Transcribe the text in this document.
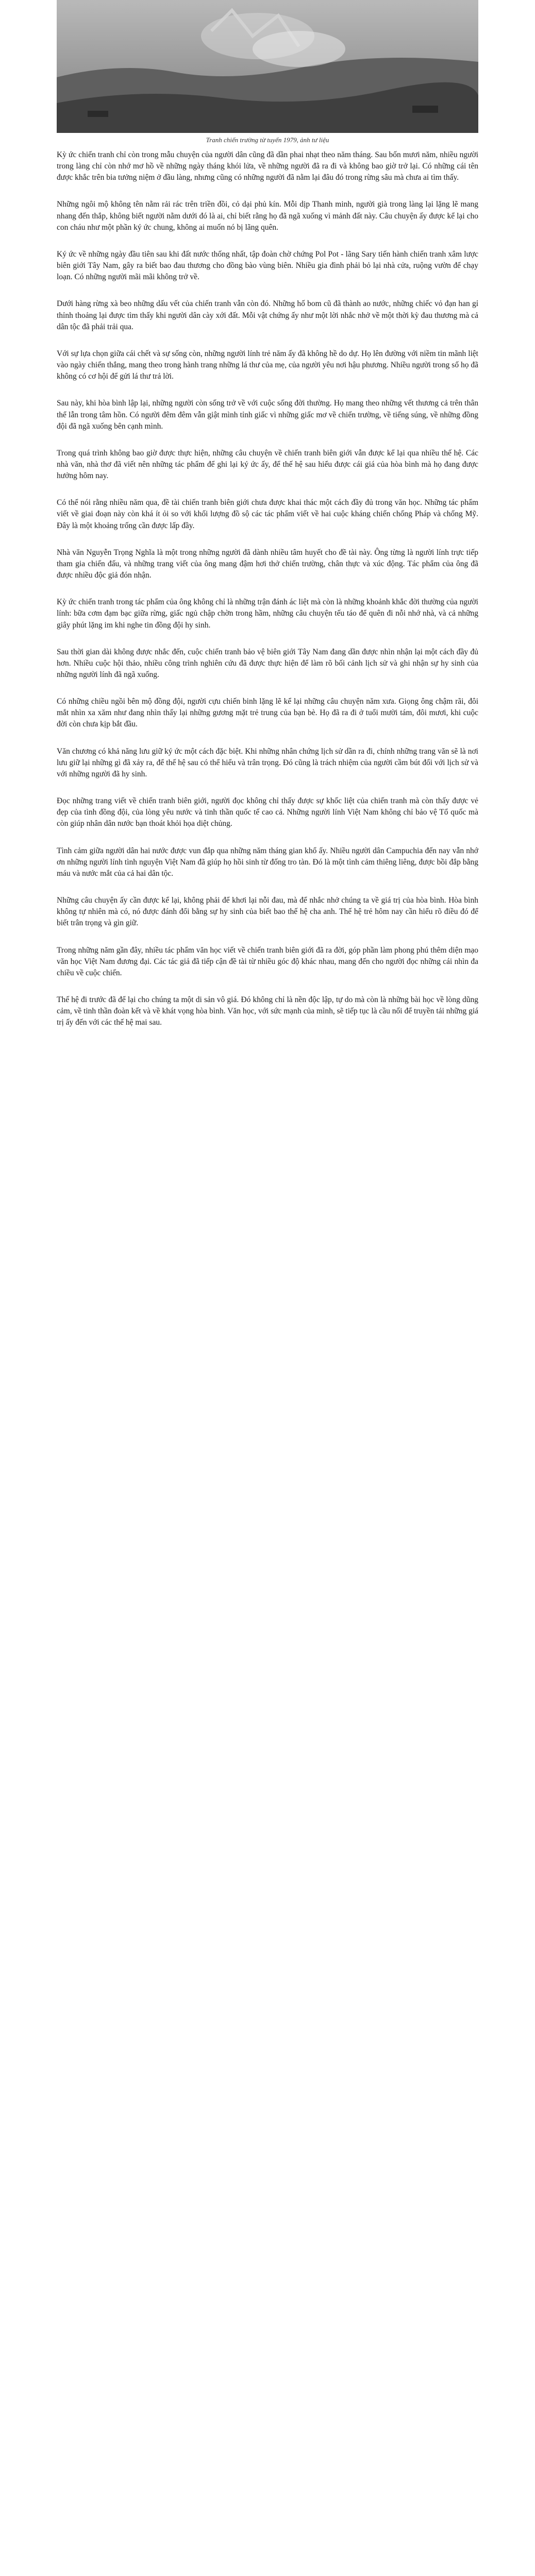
Tranh chiến trường từ tuyến 1979, ảnh tư liệu

Kỳ ức chiến tranh chỉ còn trong mẫu chuyện của người dân cũng đã dần phai nhạt theo năm tháng. Sau bốn mươi năm, nhiều người trong làng chỉ còn nhớ mơ hồ về những ngày tháng khói lửa, về những người đã ra đi và không bao giờ trở lại. Có những cái tên được khắc trên bia tưởng niệm ở đầu làng, nhưng cũng có những người đã nằm lại đâu đó trong rừng sâu mà chưa ai tìm thấy.

Những ngôi mộ không tên nằm rải rác trên triền đồi, cỏ dại phủ kín. Mỗi dịp Thanh minh, người già trong làng lại lặng lẽ mang nhang đến thắp, không biết người nằm dưới đó là ai, chỉ biết rằng họ đã ngã xuống vì mảnh đất này. Câu chuyện ấy được kể lại cho con cháu như một phần ký ức chung, không ai muốn nó bị lãng quên.

Ký ức về những ngày đầu tiên sau khi đất nước thống nhất, tập đoàn chờ chứng Pol Pot - lãng Sary tiến hành chiến tranh xâm lược biên giới Tây Nam, gây ra biết bao đau thương cho đồng bào vùng biên. Nhiều gia đình phải bỏ lại nhà cửa, ruộng vườn để chạy loạn. Có những người mãi mãi không trở về.

Dưới hàng rừng xà beo những dấu vết của chiến tranh vẫn còn đó. Những hố bom cũ đã thành ao nước, những chiếc vỏ đạn han gỉ thỉnh thoảng lại được tìm thấy khi người dân cày xới đất. Mỗi vật chứng ấy như một lời nhắc nhở về một thời kỳ đau thương mà cả dân tộc đã phải trải qua.

Với sự lựa chọn giữa cái chết và sự sống còn, những người lính trẻ năm ấy đã không hề do dự. Họ lên đường với niềm tin mãnh liệt vào ngày chiến thắng, mang theo trong hành trang những lá thư của mẹ, của người yêu nơi hậu phương. Nhiều người trong số họ đã không có cơ hội để gửi lá thư trả lời.

Sau này, khi hòa bình lập lại, những người còn sống trở về với cuộc sống đời thường. Họ mang theo những vết thương cả trên thân thể lẫn trong tâm hồn. Có người đêm đêm vẫn giật mình tỉnh giấc vì những giấc mơ về chiến trường, về tiếng súng, về những đồng đội đã ngã xuống bên cạnh mình.

Trong quá trình không bao giờ được thực hiện, những câu chuyện về chiến tranh biên giới vẫn được kể lại qua nhiều thế hệ. Các nhà văn, nhà thơ đã viết nên những tác phẩm để ghi lại ký ức ấy, để thế hệ sau hiểu được cái giá của hòa bình mà họ đang được hưởng hôm nay.

Có thể nói rằng nhiều năm qua, đề tài chiến tranh biên giới chưa được khai thác một cách đầy đủ trong văn học. Những tác phẩm viết về giai đoạn này còn khá ít ỏi so với khối lượng đồ sộ các tác phẩm viết về hai cuộc kháng chiến chống Pháp và chống Mỹ. Đây là một khoảng trống cần được lấp đầy.

Nhà văn Nguyễn Trọng Nghĩa là một trong những người đã dành nhiều tâm huyết cho đề tài này. Ông từng là người lính trực tiếp tham gia chiến đấu, và những trang viết của ông mang đậm hơi thở chiến trường, chân thực và xúc động. Tác phẩm của ông đã được nhiều độc giả đón nhận.

Kỳ ức chiến tranh trong tác phẩm của ông không chỉ là những trận đánh ác liệt mà còn là những khoảnh khắc đời thường của người lính: bữa cơm đạm bạc giữa rừng, giấc ngủ chập chờn trong hầm, những câu chuyện tếu táo để quên đi nỗi nhớ nhà, và cả những giây phút lặng im khi nghe tin đồng đội hy sinh.

Sau thời gian dài không được nhắc đến, cuộc chiến tranh bảo vệ biên giới Tây Nam đang dần được nhìn nhận lại một cách đầy đủ hơn. Nhiều cuộc hội thảo, nhiều công trình nghiên cứu đã được thực hiện để làm rõ bối cảnh lịch sử và ghi nhận sự hy sinh của những người lính đã ngã xuống.

Có những chiều ngồi bên mộ đồng đội, người cựu chiến binh lặng lẽ kể lại những câu chuyện năm xưa. Giọng ông chậm rãi, đôi mắt nhìn xa xăm như đang nhìn thấy lại những gương mặt trẻ trung của bạn bè. Họ đã ra đi ở tuổi mười tám, đôi mươi, khi cuộc đời còn chưa kịp bắt đầu.

Văn chương có khả năng lưu giữ ký ức một cách đặc biệt. Khi những nhân chứng lịch sử dần ra đi, chính những trang văn sẽ là nơi lưu giữ lại những gì đã xảy ra, để thế hệ sau có thể hiểu và trân trọng. Đó cũng là trách nhiệm của người cầm bút đối với lịch sử và với những người đã hy sinh.

Đọc những trang viết về chiến tranh biên giới, người đọc không chỉ thấy được sự khốc liệt của chiến tranh mà còn thấy được vẻ đẹp của tình đồng đội, của lòng yêu nước và tinh thần quốc tế cao cả. Những người lính Việt Nam không chỉ bảo vệ Tổ quốc mà còn giúp nhân dân nước bạn thoát khỏi họa diệt chủng.

Tình cảm giữa người dân hai nước được vun đắp qua những năm tháng gian khổ ấy. Nhiều người dân Campuchia đến nay vẫn nhớ ơn những người lính tình nguyện Việt Nam đã giúp họ hồi sinh từ đống tro tàn. Đó là một tình cảm thiêng liêng, được bồi đắp bằng máu và nước mắt của cả hai dân tộc.

Những câu chuyện ấy cần được kể lại, không phải để khơi lại nỗi đau, mà để nhắc nhở chúng ta về giá trị của hòa bình. Hòa bình không tự nhiên mà có, nó được đánh đổi bằng sự hy sinh của biết bao thế hệ cha anh. Thế hệ trẻ hôm nay cần hiểu rõ điều đó để biết trân trọng và gìn giữ.

Trong những năm gần đây, nhiều tác phẩm văn học viết về chiến tranh biên giới đã ra đời, góp phần làm phong phú thêm diện mạo văn học Việt Nam đương đại. Các tác giả đã tiếp cận đề tài từ nhiều góc độ khác nhau, mang đến cho người đọc những cái nhìn đa chiều về cuộc chiến.

Thế hệ đi trước đã để lại cho chúng ta một di sản vô giá. Đó không chỉ là nền độc lập, tự do mà còn là những bài học về lòng dũng cảm, về tinh thần đoàn kết và về khát vọng hòa bình. Văn học, với sức mạnh của mình, sẽ tiếp tục là cầu nối để truyền tải những giá trị ấy đến với các thế hệ mai sau.
